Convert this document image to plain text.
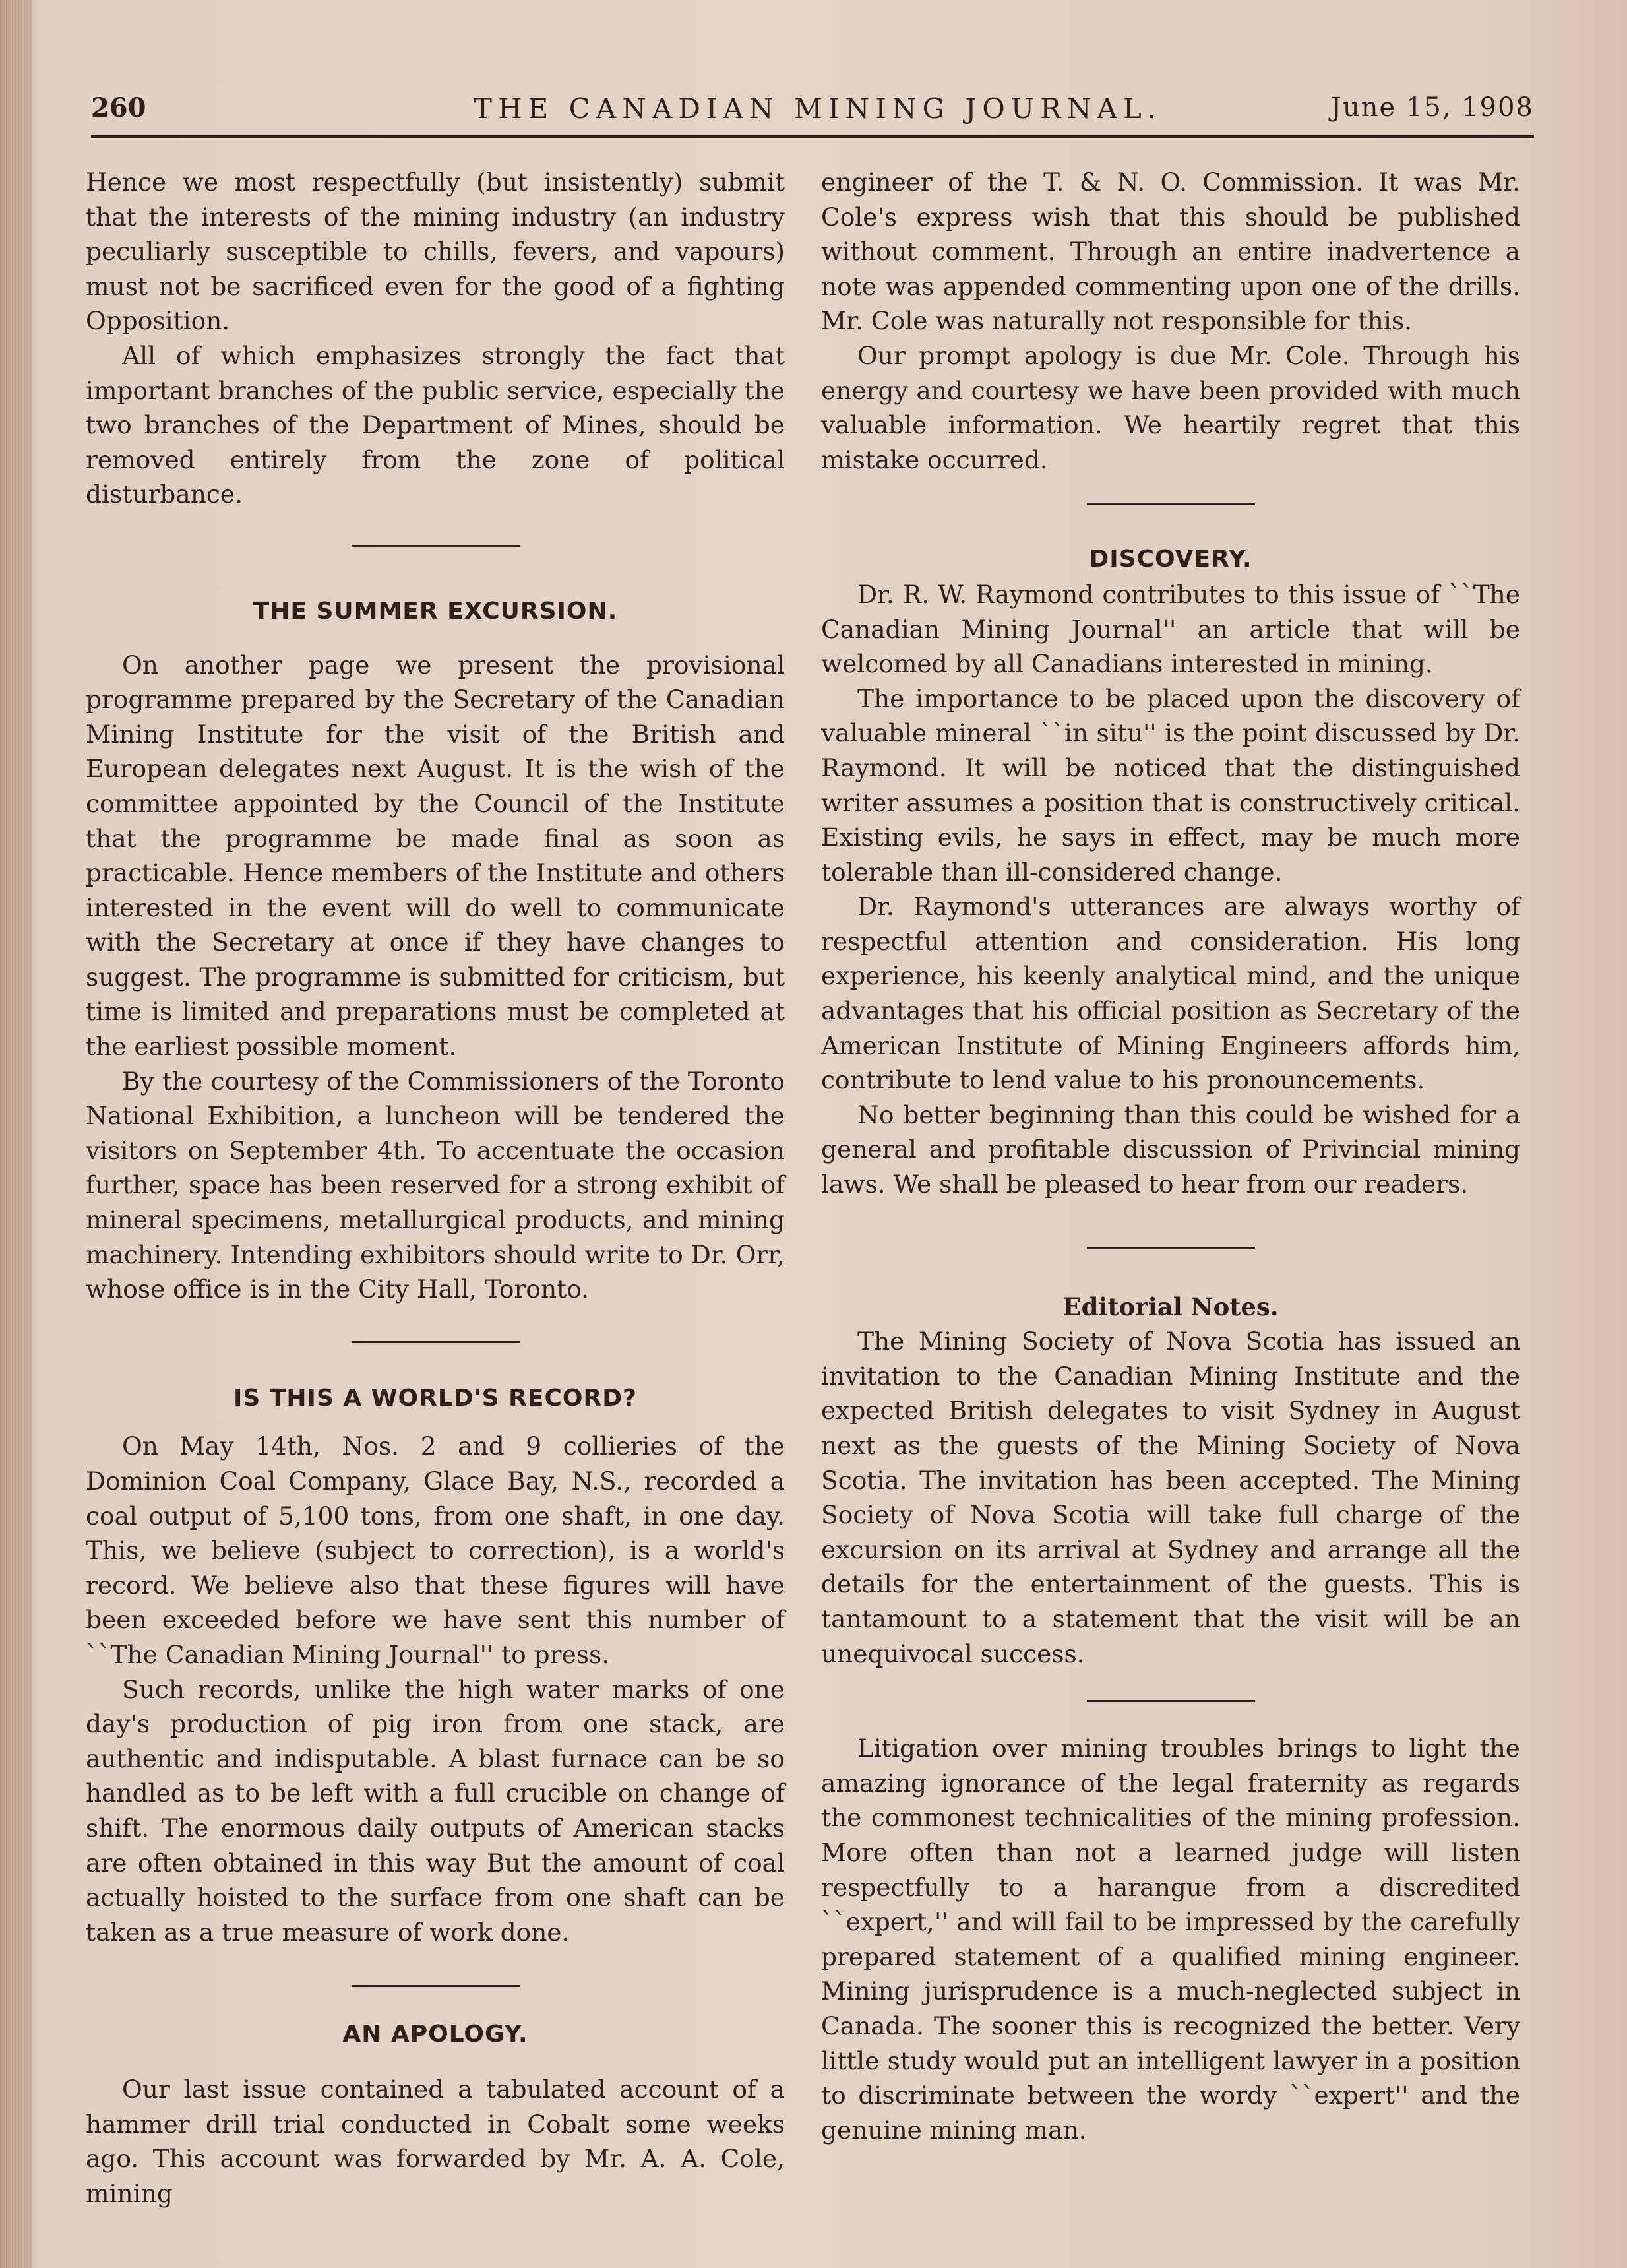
260	THE CANADIAN MINING JOURNAL.	June 15, 1908

Hence we most respectfully (but insistently) submit that the interests of the mining industry (an industry peculiarly susceptible to chills, fevers, and vapours) must not be sacrificed even for the good of a fighting Opposition.

All of which emphasizes strongly the fact that important branches of the public service, especially the two branches of the Department of Mines, should be removed entirely from the zone of political disturbance.

THE SUMMER EXCURSION.

On another page we present the provisional programme prepared by the Secretary of the Canadian Mining Institute for the visit of the British and European delegates next August. It is the wish of the committee appointed by the Council of the Institute that the programme be made final as soon as practicable. Hence members of the Institute and others interested in the event will do well to communicate with the Secretary at once if they have changes to suggest. The programme is submitted for criticism, but time is limited and preparations must be completed at the earliest possible moment.

By the courtesy of the Commissioners of the Toronto National Exhibition, a luncheon will be tendered the visitors on September 4th. To accentuate the occasion further, space has been reserved for a strong exhibit of mineral specimens, metallurgical products, and mining machinery. Intending exhibitors should write to Dr. Orr, whose office is in the City Hall, Toronto.

IS THIS A WORLD'S RECORD?

On May 14th, Nos. 2 and 9 collieries of the Dominion Coal Company, Glace Bay, N.S., recorded a coal output of 5,100 tons, from one shaft, in one day. This, we believe (subject to correction), is a world's record. We believe also that these figures will have been exceeded before we have sent this number of ``The Canadian Mining Journal'' to press.

Such records, unlike the high water marks of one day's production of pig iron from one stack, are authentic and indisputable. A blast furnace can be so handled as to be left with a full crucible on change of shift. The enormous daily outputs of American stacks are often obtained in this way But the amount of coal actually hoisted to the surface from one shaft can be taken as a true measure of work done.

AN APOLOGY.

Our last issue contained a tabulated account of a hammer drill trial conducted in Cobalt some weeks ago. This account was forwarded by Mr. A. A. Cole, mining

engineer of the T. & N. O. Commission. It was Mr. Cole's express wish that this should be published without comment. Through an entire inadvertence a note was appended commenting upon one of the drills. Mr. Cole was naturally not responsible for this.

Our prompt apology is due Mr. Cole. Through his energy and courtesy we have been provided with much valuable information. We heartily regret that this mistake occurred.

DISCOVERY.

Dr. R. W. Raymond contributes to this issue of ``The Canadian Mining Journal'' an article that will be welcomed by all Canadians interested in mining.

The importance to be placed upon the discovery of valuable mineral ``in situ'' is the point discussed by Dr. Raymond. It will be noticed that the distinguished writer assumes a position that is constructively critical. Existing evils, he says in effect, may be much more tolerable than ill-considered change.

Dr. Raymond's utterances are always worthy of respectful attention and consideration. His long experience, his keenly analytical mind, and the unique advantages that his official position as Secretary of the American Institute of Mining Engineers affords him, contribute to lend value to his pronouncements.

No better beginning than this could be wished for a general and profitable discussion of Privincial mining laws. We shall be pleased to hear from our readers.

Editorial Notes.

The Mining Society of Nova Scotia has issued an invitation to the Canadian Mining Institute and the expected British delegates to visit Sydney in August next as the guests of the Mining Society of Nova Scotia. The invitation has been accepted. The Mining Society of Nova Scotia will take full charge of the excursion on its arrival at Sydney and arrange all the details for the entertainment of the guests. This is tantamount to a statement that the visit will be an unequivocal success.

Litigation over mining troubles brings to light the amazing ignorance of the legal fraternity as regards the commonest technicalities of the mining profession. More often than not a learned judge will listen respectfully to a harangue from a discredited ``expert,'' and will fail to be impressed by the carefully prepared statement of a qualified mining engineer. Mining jurisprudence is a much-neglected subject in Canada. The sooner this is recognized the better. Very little study would put an intelligent lawyer in a position to discriminate between the wordy ``expert'' and the genuine mining man.
